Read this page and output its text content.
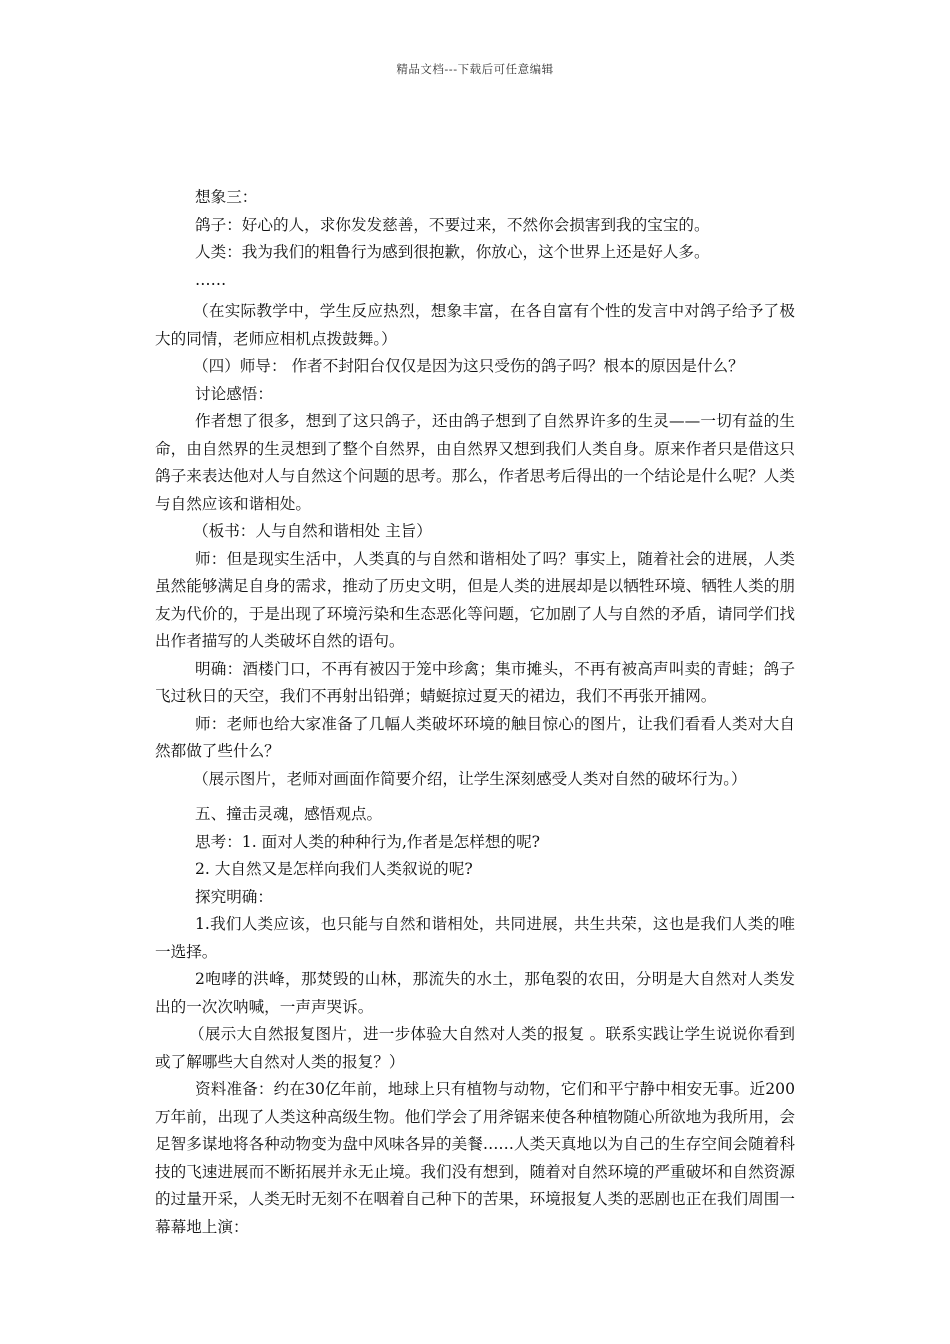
精品文档---下载后可任意编辑

想象三：

鸽子：好心的人，求你发发慈善，不要过来，不然你会损害到我的宝宝的。

人类：我为我们的粗鲁行为感到很抱歉，你放心，这个世界上还是好人多。

……

（在实际教学中，学生反应热烈，想象丰富，在各自富有个性的发言中对鸽子给予了极大的同情，老师应相机点拨鼓舞。）

（四）师导： 作者不封阳台仅仅是因为这只受伤的鸽子吗？根本的原因是什么？

讨论感悟：

作者想了很多，想到了这只鸽子，还由鸽子想到了自然界许多的生灵——一切有益的生命，由自然界的生灵想到了整个自然界，由自然界又想到我们人类自身。原来作者只是借这只鸽子来表达他对人与自然这个问题的思考。那么，作者思考后得出的一个结论是什么呢？人类与自然应该和谐相处。

（板书：人与自然和谐相处 主旨）

师：但是现实生活中，人类真的与自然和谐相处了吗？事实上，随着社会的进展，人类虽然能够满足自身的需求，推动了历史文明，但是人类的进展却是以牺牲环境、牺牲人类的朋友为代价的，于是出现了环境污染和生态恶化等问题，它加剧了人与自然的矛盾，请同学们找出作者描写的人类破坏自然的语句。

明确：酒楼门口，不再有被囚于笼中珍禽；集市摊头，不再有被高声叫卖的青蛙；鸽子飞过秋日的天空，我们不再射出铅弹；蜻蜓掠过夏天的裙边，我们不再张开捕网。

师：老师也给大家准备了几幅人类破坏环境的触目惊心的图片，让我们看看人类对大自然都做了些什么？

（展示图片，老师对画面作简要介绍，让学生深刻感受人类对自然的破坏行为。）

五、撞击灵魂，感悟观点。

思考：1. 面对人类的种种行为,作者是怎样想的呢?

2. 大自然又是怎样向我们人类叙说的呢?

探究明确：

1.我们人类应该，也只能与自然和谐相处，共同进展，共生共荣，这也是我们人类的唯一选择。

2咆哮的洪峰，那焚毁的山林，那流失的水土，那龟裂的农田，分明是大自然对人类发出的一次次呐喊，一声声哭诉。

（展示大自然报复图片，进一步体验大自然对人类的报复 。联系实践让学生说说你看到或了解哪些大自然对人类的报复？）

资料准备：约在30亿年前，地球上只有植物与动物，它们和平宁静中相安无事。近200万年前，出现了人类这种高级生物。他们学会了用斧锯来使各种植物随心所欲地为我所用，会足智多谋地将各种动物变为盘中风味各异的美餐……人类天真地以为自己的生存空间会随着科技的飞速进展而不断拓展并永无止境。我们没有想到，随着对自然环境的严重破坏和自然资源的过量开采，人类无时无刻不在咽着自己种下的苦果，环境报复人类的恶剧也正在我们周围一幕幕地上演：
